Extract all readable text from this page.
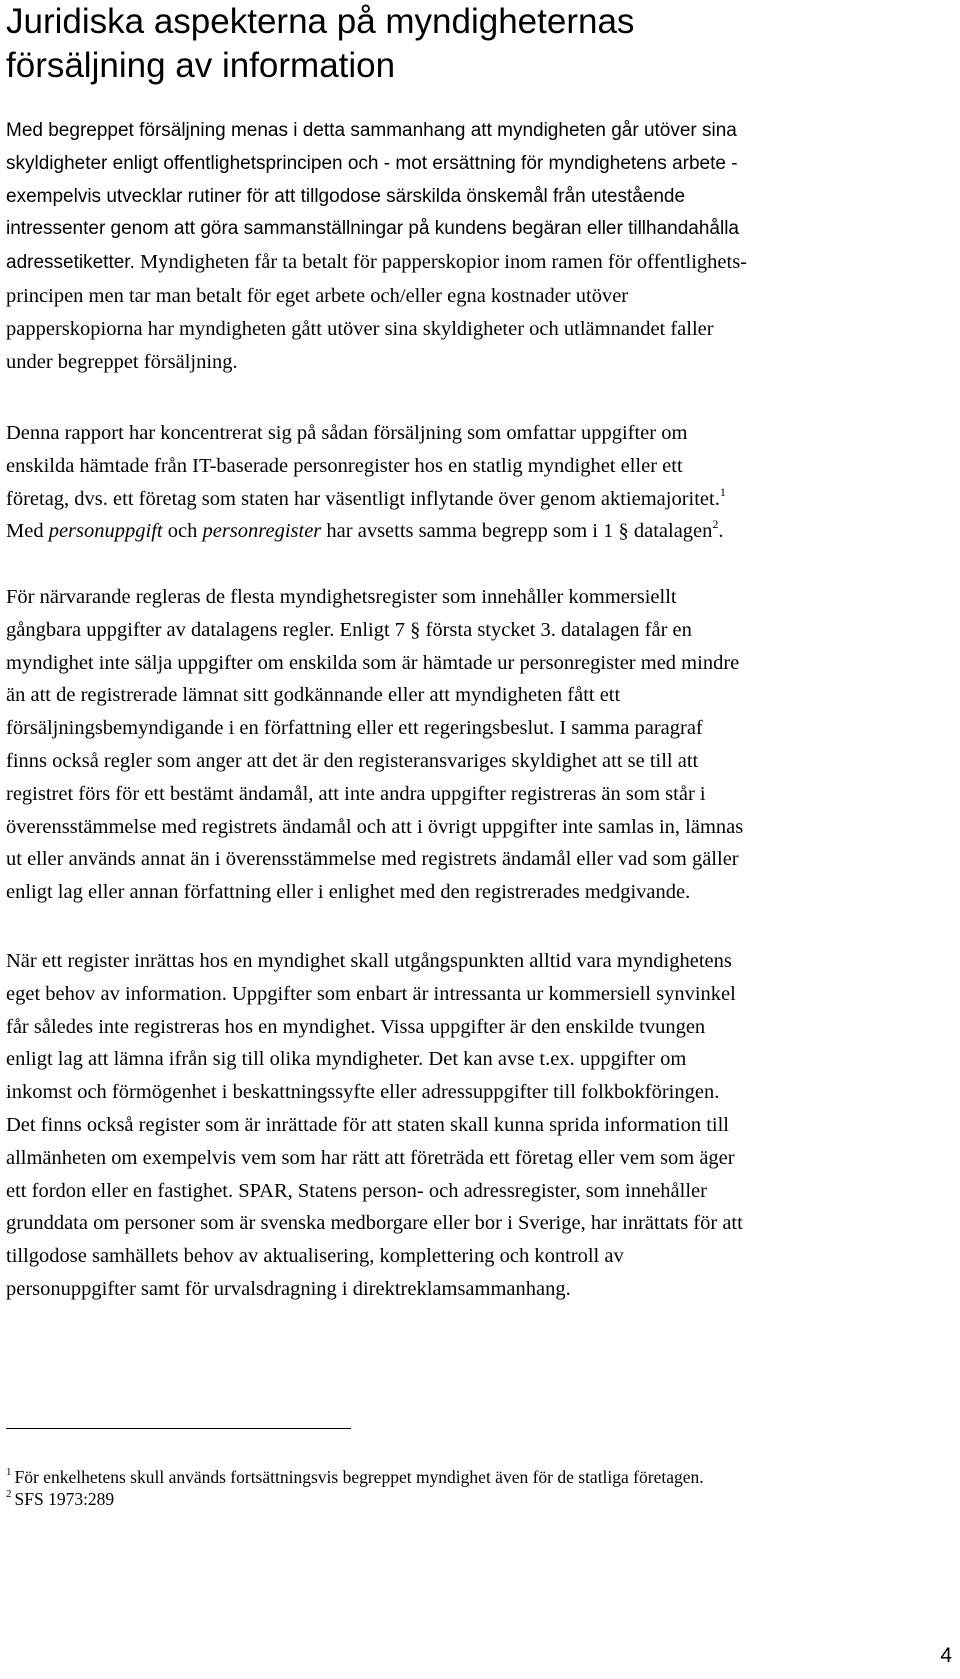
Juridiska aspekterna på myndigheternas
försäljning av information

Med begreppet försäljning menas i detta sammanhang att myndigheten går utöver sina
skyldigheter enligt offentlighetsprincipen och - mot ersättning för myndighetens arbete -
exempelvis utvecklar rutiner för att tillgodose särskilda önskemål från utestående
intressenter genom att göra sammanställningar på kundens begäran eller tillhandahålla
adressetiketter. Myndigheten får ta betalt för papperskopior inom ramen för offentlighets-
principen men tar man betalt för eget arbete och/eller egna kostnader utöver
papperskopiorna har myndigheten gått utöver sina skyldigheter och utlämnandet faller
under begreppet försäljning.

Denna rapport har koncentrerat sig på sådan försäljning som omfattar uppgifter om
enskilda hämtade från IT-baserade personregister hos en statlig myndighet eller ett
företag, dvs. ett företag som staten har väsentligt inflytande över genom aktiemajoritet.$^1$
Med personuppgift och personregister har avsetts samma begrepp som i 1 § datalagen$^2$.

För närvarande regleras de flesta myndighetsregister som innehåller kommersiellt
gångbara uppgifter av datalagens regler. Enligt 7 § första stycket 3. datalagen får en
myndighet inte sälja uppgifter om enskilda som är hämtade ur personregister med mindre
än att de registrerade lämnat sitt godkännande eller att myndigheten fått ett
försäljningsbemyndigande i en författning eller ett regeringsbeslut. I samma paragraf
finns också regler som anger att det är den registeransvariges skyldighet att se till att
registret förs för ett bestämt ändamål, att inte andra uppgifter registreras än som står i
överensstämmelse med registrets ändamål och att i övrigt uppgifter inte samlas in, lämnas
ut eller används annat än i överensstämmelse med registrets ändamål eller vad som gäller
enligt lag eller annan författning eller i enlighet med den registrerades medgivande.

När ett register inrättas hos en myndighet skall utgångspunkten alltid vara myndighetens
eget behov av information. Uppgifter som enbart är intressanta ur kommersiell synvinkel
får således inte registreras hos en myndighet. Vissa uppgifter är den enskilde tvungen
enligt lag att lämna ifrån sig till olika myndigheter. Det kan avse t.ex. uppgifter om
inkomst och förmögenhet i beskattningssyfte eller adressuppgifter till folkbokföringen.
Det finns också register som är inrättade för att staten skall kunna sprida information till
allmänheten om exempelvis vem som har rätt att företräda ett företag eller vem som äger
ett fordon eller en fastighet. SPAR, Statens person- och adressregister, som innehåller
grunddata om personer som är svenska medborgare eller bor i Sverige, har inrättats för att
tillgodose samhällets behov av aktualisering, komplettering och kontroll av
personuppgifter samt för urvalsdragning i direktreklamsammanhang.

$^1$ För enkelhetens skull används fortsättningsvis begreppet myndighet även för de statliga företagen.
$^2$ SFS 1973:289
4
